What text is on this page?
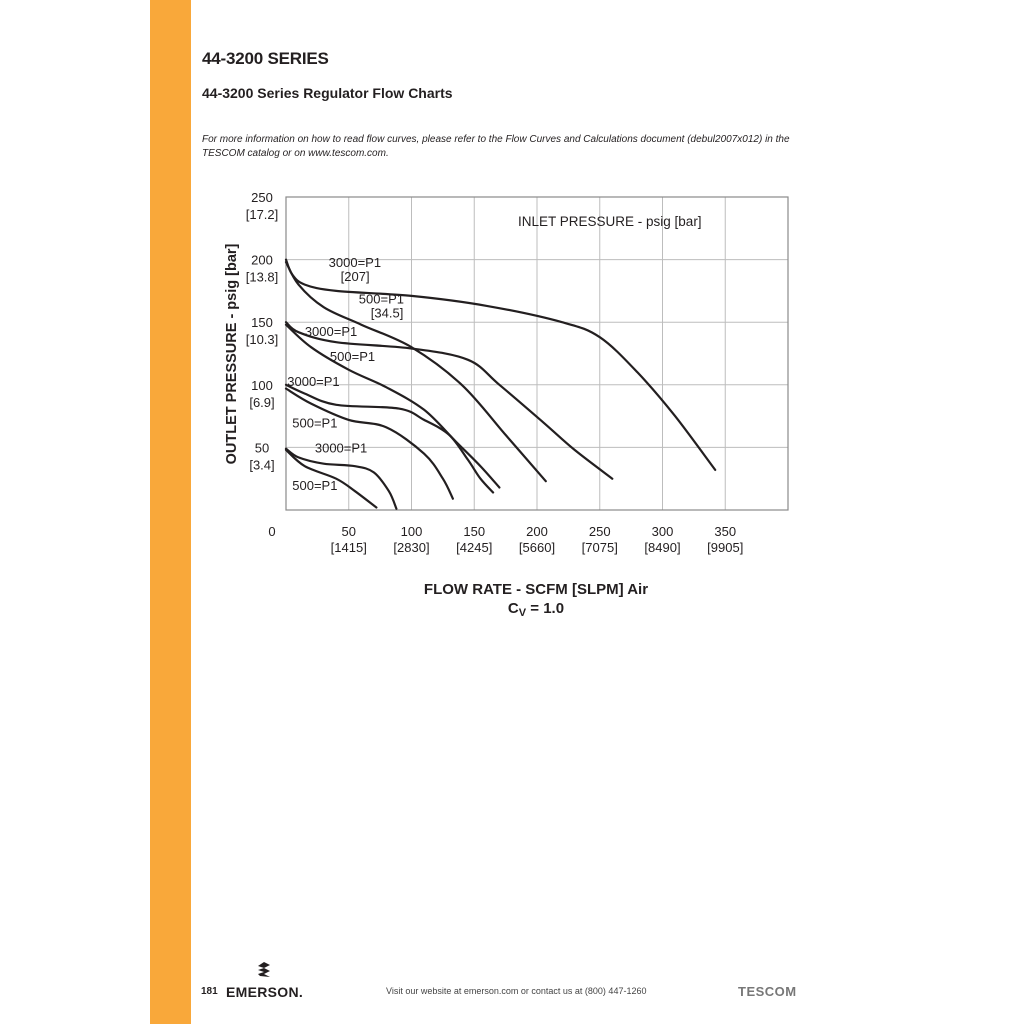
44-3200 SERIES
44-3200 Series Regulator Flow Charts

For more information on how to read flow curves, please refer to the Flow Curves and Calculations document (debul2007x012) in the TESCOM catalog or on www.tescom.com.

0	50
[1415]
100
[2830]
150
[4245]
200
[5660]
250
[7075]
300
[8490]
350
[9905]
50
[3.4]
100
[6.9]
150
[10.3]
200
[13.8]
250
[17.2]
3000=P1
[207]
500=P1
[34.5]
3000=P1
500=P1
3000=P1
500=P1
3000=P1
500=P1
INLET PRESSURE - psig [bar]
OUTLET PRESSURE - psig [bar]
FLOW RATE - SCFM [SLPM] Air
$C_V = 1.0$
181 EMERSON.	Visit our website at emerson.com or contact us at (800) 447-1260	TESCOM
